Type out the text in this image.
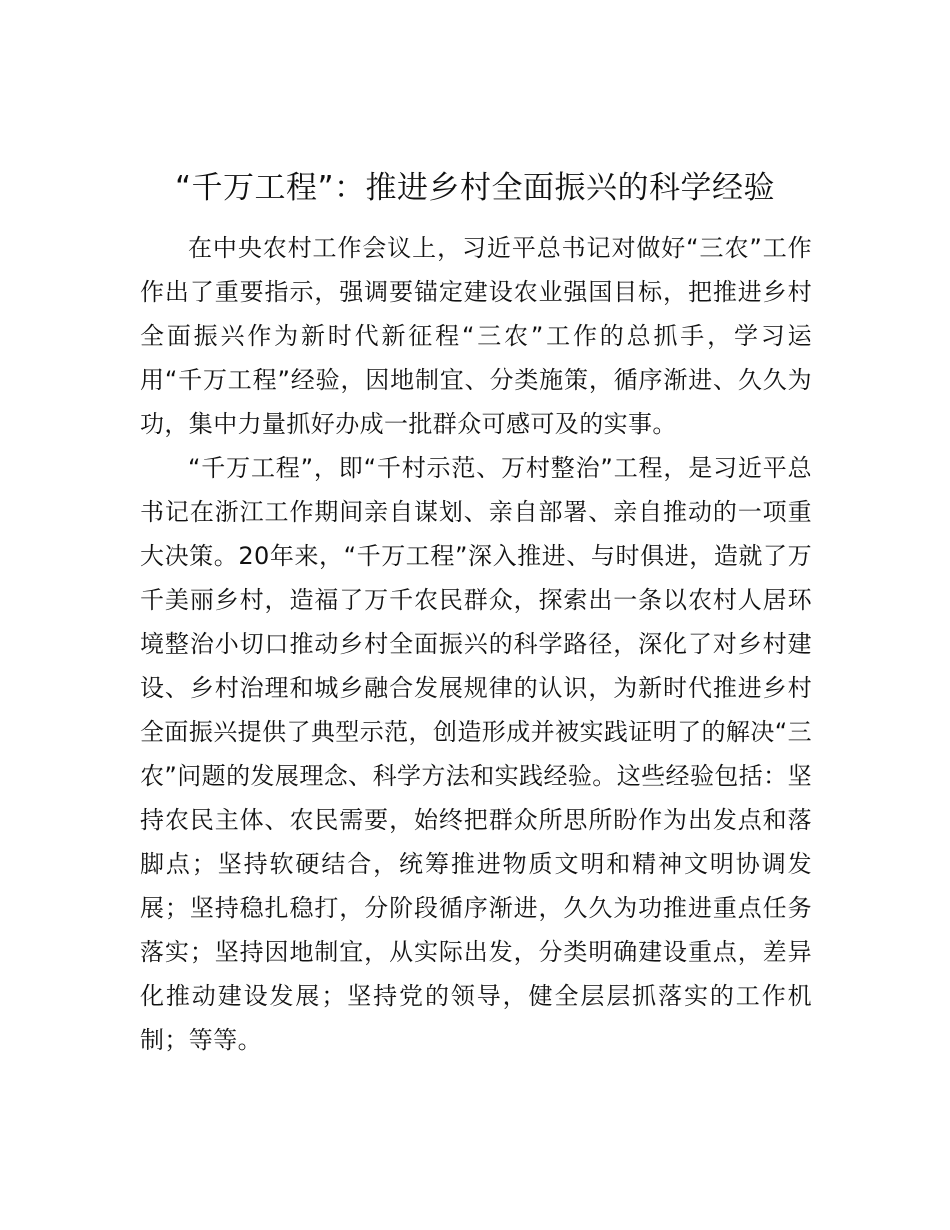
“千万工程”：推进乡村全面振兴的科学经验

在中央农村工作会议上，习近平总书记对做好“三农”工作作出了重要指示，强调要锚定建设农业强国目标，把推进乡村全面振兴作为新时代新征程“三农”工作的总抓手，学习运用“千万工程”经验，因地制宜、分类施策，循序渐进、久久为功，集中力量抓好办成一批群众可感可及的实事。

“千万工程”，即“千村示范、万村整治”工程，是习近平总书记在浙江工作期间亲自谋划、亲自部署、亲自推动的一项重大决策。20年来，“千万工程”深入推进、与时俱进，造就了万千美丽乡村，造福了万千农民群众，探索出一条以农村人居环境整治小切口推动乡村全面振兴的科学路径，深化了对乡村建设、乡村治理和城乡融合发展规律的认识，为新时代推进乡村全面振兴提供了典型示范，创造形成并被实践证明了的解决“三农”问题的发展理念、科学方法和实践经验。这些经验包括：坚持农民主体、农民需要，始终把群众所思所盼作为出发点和落脚点；坚持软硬结合，统筹推进物质文明和精神文明协调发展；坚持稳扎稳打，分阶段循序渐进，久久为功推进重点任务落实；坚持因地制宜，从实际出发，分类明确建设重点，差异化推动建设发展；坚持党的领导，健全层层抓落实的工作机制；等等。
